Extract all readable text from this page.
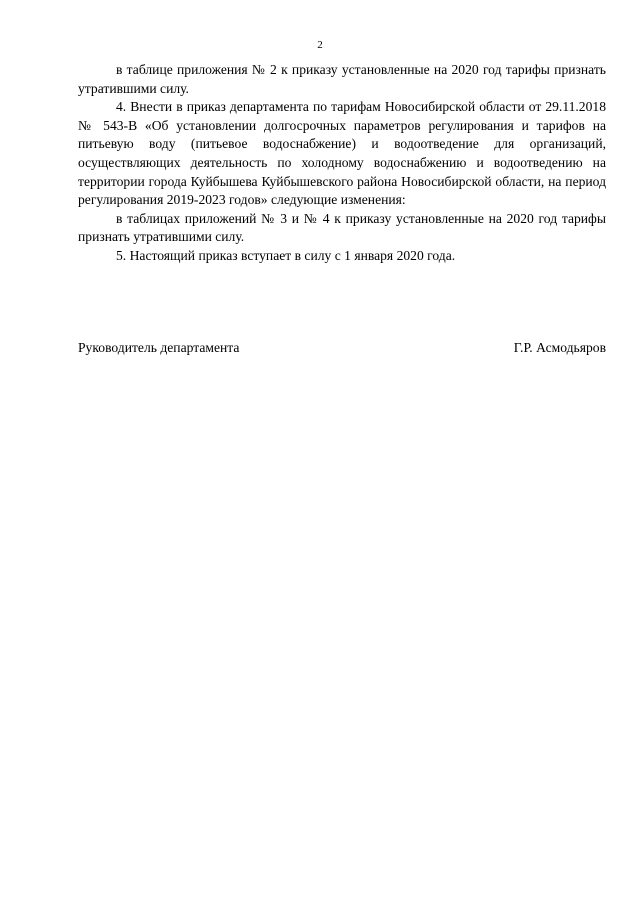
2

в таблице приложения № 2 к приказу установленные на 2020 год тарифы признать утратившими силу.

4. Внести в приказ департамента по тарифам Новосибирской области от 29.11.2018 № 543-В «Об установлении долгосрочных параметров регулирования и тарифов на питьевую воду (питьевое водоснабжение) и водоотведение для организаций, осуществляющих деятельность по холодному водоснабжению и водоотведению на территории города Куйбышева Куйбышевского района Новосибирской области, на период регулирования 2019-2023 годов» следующие изменения:

в таблицах приложений № 3 и № 4 к приказу установленные на 2020 год тарифы признать утратившими силу.

5. Настоящий приказ вступает в силу с 1 января 2020 года.

Руководитель департамента	Г.Р. Асмодьяров
